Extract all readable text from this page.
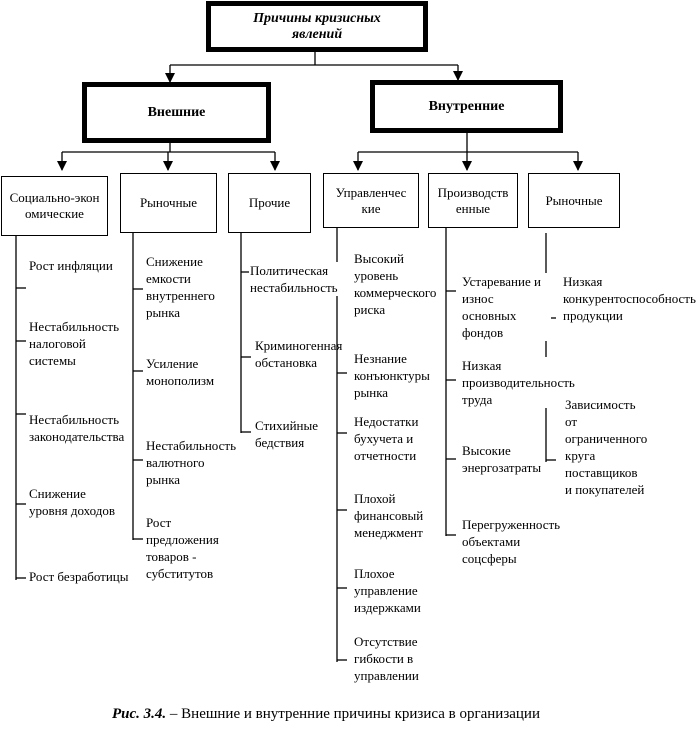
Причины кризисных явлений
Внешние	Внутренние
Социально-экономические
Рыночные	Прочие
Управленческие
Производственные
Рыночные
Рост инфляции
Нестабильность налоговой системы
Нестабильность законодательства
Снижение уровня доходов
Рост безработицы
Снижение емкости внутреннего рынка
Усиление монополизм
Нестабильность валютного рынка
Рост предложения товаров - субститутов
Политическая нестабильность
Криминогенная обстановка
Стихийные бедствия
Высокий уровень коммерческого риска
Незнание конъюнктуры рынка
Недостатки бухучета и отчетности
Плохой финансовый менеджмент
Плохое управление издержками
Отсутствие гибкости в управлении
Устаревание и износ основных фондов
Низкая производительность труда
Высокие энергозатраты
Перегруженность объектами соцсферы
Низкая конкурентоспособность продукции
Зависимость от ограниченного круга поставщиков и покупателей
Рис. 3.4. – Внешние и внутренние причины кризиса в организации
